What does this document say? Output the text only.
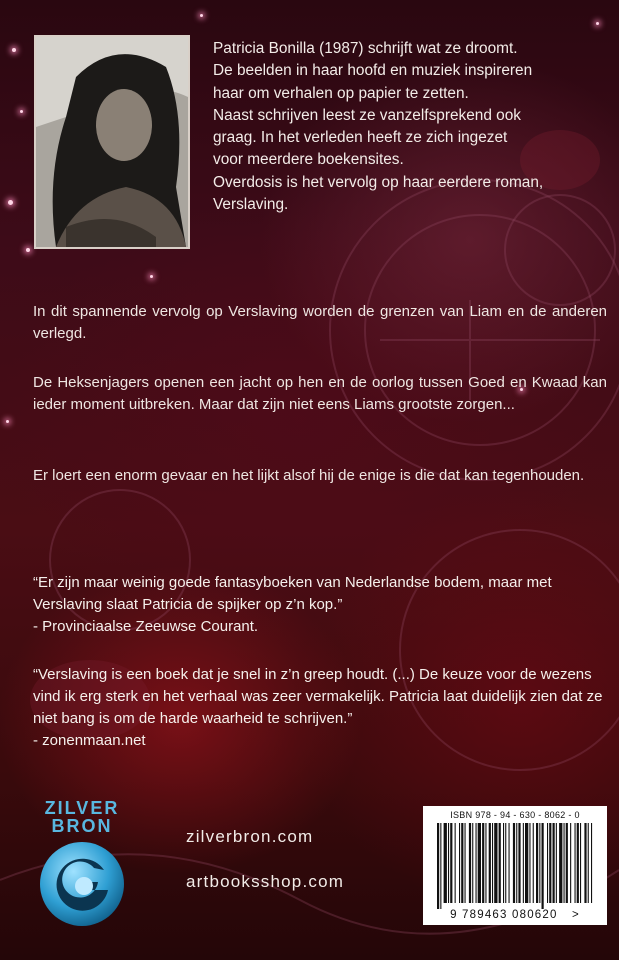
Patricia Bonilla (1987) schrijft wat ze droomt.

De beelden in haar hoofd en muziek inspireren

haar om verhalen op papier te zetten.

Naast schrijven leest ze vanzelfsprekend ook

graag. In het verleden heeft ze zich ingezet

voor meerdere boekensites.

Overdosis is het vervolg op haar eerdere roman,

Verslaving.

In dit spannende vervolg op Verslaving worden de grenzen van Liam en de anderen verlegd.

De Heksenjagers openen een jacht op hen en de oorlog tussen Goed en Kwaad kan ieder moment uitbreken. Maar dat zijn niet eens Liams grootste zorgen...

Er loert een enorm gevaar en het lijkt alsof hij de enige is die dat kan tegenhouden.

“Er zijn maar weinig goede fantasyboeken van Nederlandse bodem, maar met Verslaving slaat Patricia de spijker op z’n kop.”
- Provinciaalse Zeeuwse Courant.
“Verslaving is een boek dat je snel in z’n greep houdt. (...) De keuze voor de wezens vind ik erg sterk en het verhaal was zeer vermakelijk. Patricia laat duidelijk zien dat ze niet bang is om de harde waarheid te schrijven.”
- zonenmaan.net
ZILVER
BRON
zilverbron.com
artbooksshop.com
ISBN 978 - 94 - 630 - 8062 - 0
9 789463 080620 >
